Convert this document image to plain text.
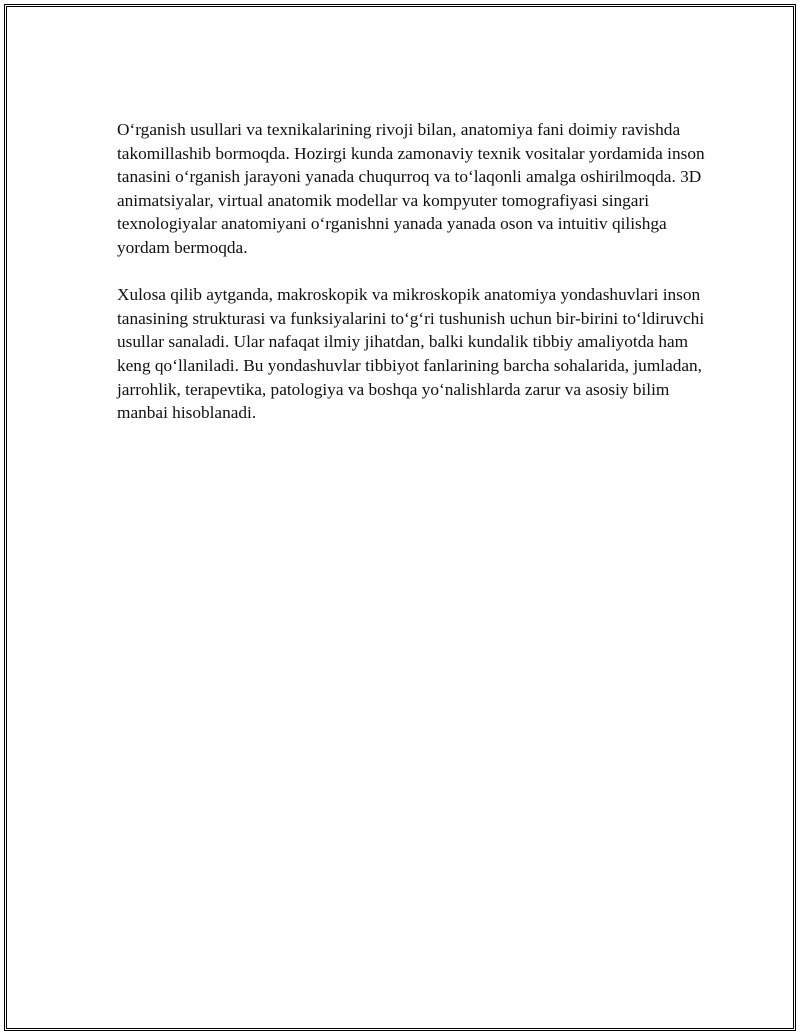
O‘rganish usullari va texnikalarining rivoji bilan, anatomiya fani doimiy ravishda takomillashib bormoqda. Hozirgi kunda zamonaviy texnik vositalar yordamida inson tanasini o‘rganish jarayoni yanada chuqurroq va to‘laqonli amalga oshirilmoqda. 3D animatsiyalar, virtual anatomik modellar va kompyuter tomografiyasi singari texnologiyalar anatomiyani o‘rganishni yanada yanada oson va intuitiv qilishga yordam bermoqda.

Xulosa qilib aytganda, makroskopik va mikroskopik anatomiya yondashuvlari inson tanasining strukturasi va funksiyalarini to‘g‘ri tushunish uchun bir-birini to‘ldiruvchi usullar sanaladi. Ular nafaqat ilmiy jihatdan, balki kundalik tibbiy amaliyotda ham keng qo‘llaniladi. Bu yondashuvlar tibbiyot fanlarining barcha sohalarida, jumladan, jarrohlik, terapevtika, patologiya va boshqa yo‘nalishlarda zarur va asosiy bilim manbai hisoblanadi.
